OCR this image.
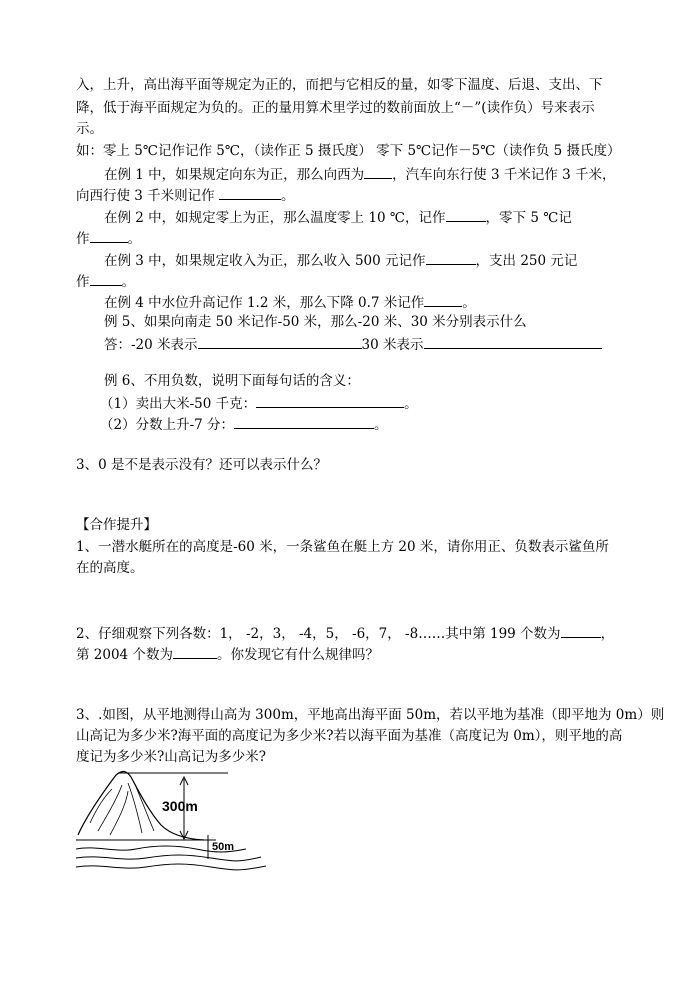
入，上升，高出海平面等规定为正的，而把与它相反的量，如零下温度、后退、支出、下
降，低于海平面规定为负的。正的量用算术里学过的数前面放上“－”(读作负）号来表示
示。
如：零上 5℃记作记作 5℃，（读作正 5 摄氏度） 零下 5℃记作－5℃（读作负 5 摄氏度）
在例 1 中，如果规定向东为正，那么向西为 ，汽车向东行使 3 千米记作 3 千米，
向西行使 3 千米则记作	。
在例 2 中，如规定零上为正，那么温度零上 10 ℃，记作	，零下 5 ℃记
作	。
在例 3 中，如果规定收入为正，那么收入 500 元记作	，支出 250 元记
作 。
在例 4 中水位升高记作 1.2 米，那么下降 0.7 米记作	。
例 5、如果向南走 50 米记作-50 米，那么-20 米、30 米分别表示什么
答：-20 米表示	30 米表示
例 6、不用负数，说明下面每句话的含义：
（1）卖出大米-50 千克：	。
（2）分数上升-7 分：	。
3、0 是不是表示没有？还可以表示什么？
【合作提升】
1、一潜水艇所在的高度是-60 米，一条鲨鱼在艇上方 20 米，请你用正、负数表示鲨鱼所
在的高度。
2、仔细观察下列各数：1， -2，3， -4，5， -6，7， -8……其中第 199 个数为	，
第 2004 个数为	。你发现它有什么规律吗？
3、.如图，从平地测得山高为 300m，平地高出海平面 50m，若以平地为基准（即平地为 0m）则
山高记为多少米?海平面的高度记为多少米?若以海平面为基准（高度记为 0m），则平地的高
度记为多少米?山高记为多少米?
300m
50m
